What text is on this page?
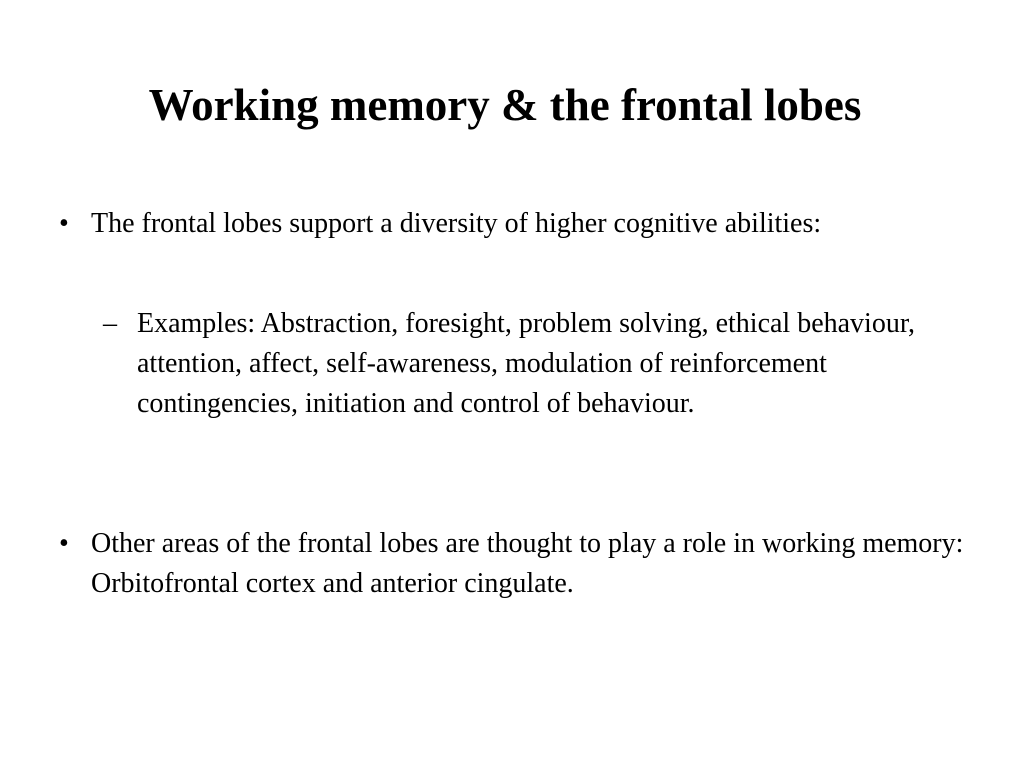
Working memory & the frontal lobes
• The frontal lobes support a diversity of higher cognitive abilities:
– Examples: Abstraction, foresight, problem solving, ethical behaviour, attention, affect, self-awareness, modulation of reinforcement contingencies, initiation and control of behaviour.
• Other areas of the frontal lobes are thought to play a role in working memory: Orbitofrontal cortex and anterior cingulate.
